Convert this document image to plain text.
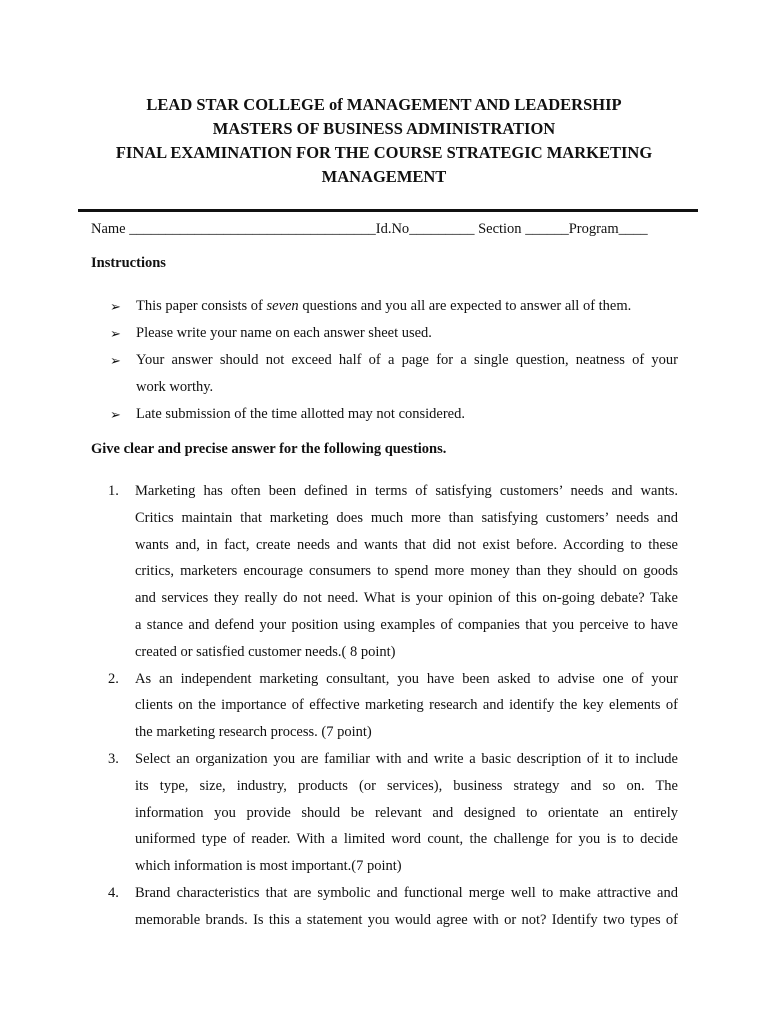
LEAD STAR COLLEGE of MANAGEMENT AND LEADERSHIP
MASTERS OF BUSINESS ADMINISTRATION
FINAL EXAMINATION FOR THE COURSE STRATEGIC MARKETING
MANAGEMENT
Name __________________________________Id.No_________ Section ______Program____
Instructions
➢ This paper consists of seven questions and you all are expected to answer all of them.
➢ Please write your name on each answer sheet used.
➢ Your answer should not exceed half of a page for a single question, neatness of your
work worthy.
➢ Late submission of the time allotted may not considered.
Give clear and precise answer for the following questions.
1. Marketing has often been defined in terms of satisfying customers’ needs and wants.
Critics maintain that marketing does much more than satisfying customers’ needs and
wants and, in fact, create needs and wants that did not exist before. According to these
critics, marketers encourage consumers to spend more money than they should on goods
and services they really do not need. What is your opinion of this on-going debate? Take
a stance and defend your position using examples of companies that you perceive to have
created or satisfied customer needs.( 8 point)
2. As an independent marketing consultant, you have been asked to advise one of your
clients on the importance of effective marketing research and identify the key elements of
the marketing research process. (7 point)
3. Select an organization you are familiar with and write a basic description of it to include
its type, size, industry, products (or services), business strategy and so on. The
information you provide should be relevant and designed to orientate an entirely
uniformed type of reader. With a limited word count, the challenge for you is to decide
which information is most important.(7 point)
4. Brand characteristics that are symbolic and functional merge well to make attractive and
memorable brands. Is this a statement you would agree with or not? Identify two types of
